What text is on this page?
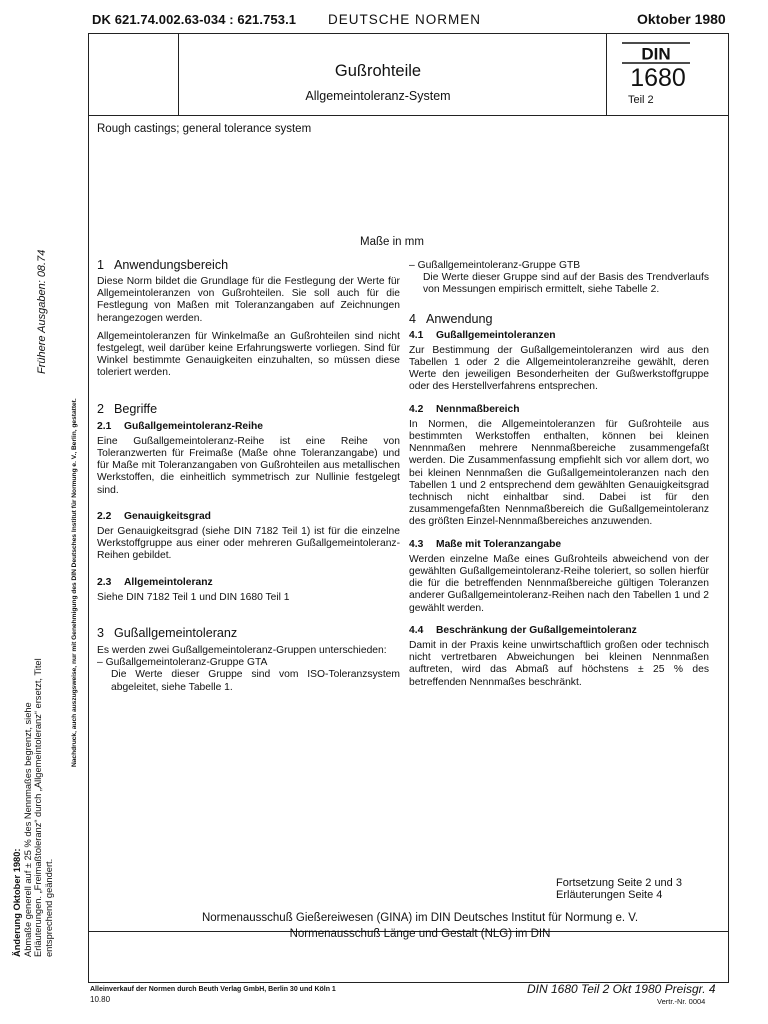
DK 621.74.002.63-034 : 621.753.1 DEUTSCHE NORMEN	Oktober 1980
Gußrohteile
Allgemeintoleranz-System
DIN
1680
Teil 2
Rough castings; general tolerance system
Maße in mm
1 Anwendungsbereich

Diese Norm bildet die Grundlage für die Festlegung der Werte für Allgemeintoleranzen von Gußrohteilen. Sie soll auch für die Festlegung von Maßen mit Toleranzangaben auf Zeichnungen herangezogen werden.

Allgemeintoleranzen für Winkelmaße an Gußrohteilen sind nicht festgelegt, weil darüber keine Erfahrungswerte vorliegen. Sind für Winkel bestimmte Genauigkeiten einzuhalten, so müssen diese toleriert werden.

2 Begriffe
2.1 Gußallgemeintoleranz-Reihe

Eine Gußallgemeintoleranz-Reihe ist eine Reihe von Toleranzwerten für Freimaße (Maße ohne Toleranzangabe) und für Maße mit Toleranzangaben von Gußrohteilen aus metallischen Werkstoffen, die einheitlich symmetrisch zur Nullinie festgelegt sind.

2.2 Genauigkeitsgrad

Der Genauigkeitsgrad (siehe DIN 7182 Teil 1) ist für die einzelne Werkstoffgruppe aus einer oder mehreren Gußallgemeintoleranz-Reihen gebildet.

2.3 Allgemeintoleranz

Siehe DIN 7182 Teil 1 und DIN 1680 Teil 1

3 Gußallgemeintoleranz

Es werden zwei Gußallgemeintoleranz-Gruppen unterschieden:

– Gußallgemeintoleranz-Gruppe GTA

Die Werte dieser Gruppe sind vom ISO-Toleranzsystem abgeleitet, siehe Tabelle 1.

– Gußallgemeintoleranz-Gruppe GTB

Die Werte dieser Gruppe sind auf der Basis des Trendverlaufs von Messungen empirisch ermittelt, siehe Tabelle 2.

4 Anwendung
4.1 Gußallgemeintoleranzen

Zur Bestimmung der Gußallgemeintoleranzen wird aus den Tabellen 1 oder 2 die Allgemeintoleranzreihe gewählt, deren Werte den jeweiligen Besonderheiten der Gußwerkstoffgruppe oder des Herstellverfahrens entsprechen.

4.2 Nennmaßbereich

In Normen, die Allgemeintoleranzen für Gußrohteile aus bestimmten Werkstoffen enthalten, können bei kleinen Nennmaßen mehrere Nennmaßbereiche zusammengefaßt werden. Die Zusammenfassung empfiehlt sich vor allem dort, wo bei kleinen Nennmaßen die Gußallgemeintoleranzen nach den Tabellen 1 und 2 entsprechend dem gewählten Genauigkeitsgrad technisch nicht einhaltbar sind. Dabei ist für den zusammengefaßten Nennmaßbereich die Gußallgemeintoleranz des größten Einzel-Nennmaßbereiches anzuwenden.

4.3 Maße mit Toleranzangabe

Werden einzelne Maße eines Gußrohteils abweichend von der gewählten Gußallgemeintoleranz-Reihe toleriert, so sollen hierfür die für die betreffenden Nennmaßbereiche gültigen Toleranzen anderer Gußallgemeintoleranz-Reihen nach den Tabellen 1 und 2 gewählt werden.

4.4 Beschränkung der Gußallgemeintoleranz

Damit in der Praxis keine unwirtschaftlich großen oder technisch nicht vertretbaren Abweichungen bei kleinen Nennmaßen auftreten, wird das Abmaß auf höchstens ± 25 % des betreffenden Nennmaßes beschränkt.

Fortsetzung Seite 2 und 3
Erläuterungen Seite 4
Normenausschuß Gießereiwesen (GINA) im DIN Deutsches Institut für Normung e. V.
Normenausschuß Länge und Gestalt (NLG) im DIN
Alleinverkauf der Normen durch Beuth Verlag GmbH, Berlin 30 und Köln 1
10.80
DIN 1680 Teil 2 Okt 1980 Preisgr. 4
Vertr.-Nr. 0004
Frühere Ausgaben: 08.74
Nachdruck, auch auszugsweise, nur mit Genehmigung des DIN Deutsches Institut für Normung e. V., Berlin, gestattet.
Änderung Oktober 1980: Abmaße generell auf ± 25 % des Nennmaßes begrenzt, siehe Erläuterungen. „Freimaßtoleranz“ durch „Allgemeintoleranz“ ersetzt, Titel entsprechend geändert.
